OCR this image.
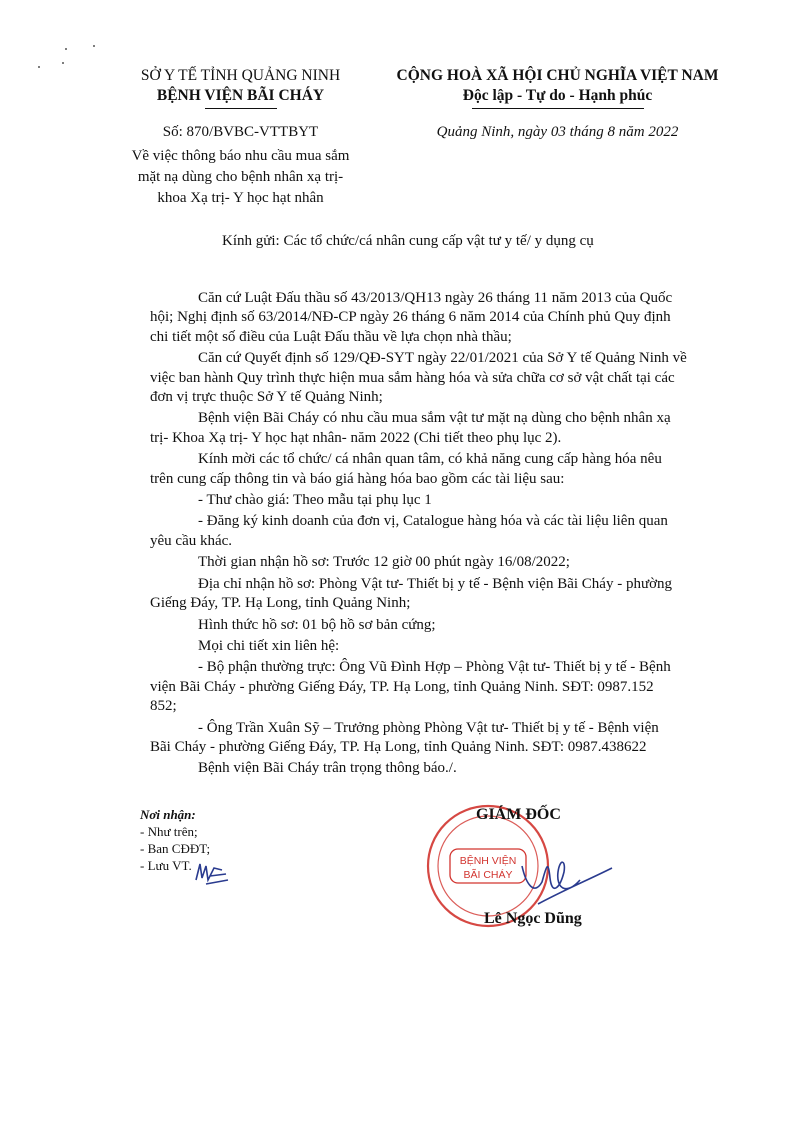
SỞ Y TẾ TỈNH QUẢNG NINH
BỆNH VIỆN BÃI CHÁY
Số: 870/BVBC-VTTBYT
Về việc thông báo nhu cầu mua sắm
mặt nạ dùng cho bệnh nhân xạ trị-
khoa Xạ trị- Y học hạt nhân
CỘNG HOÀ XÃ HỘI CHỦ NGHĨA VIỆT NAM
Độc lập - Tự do - Hạnh phúc
Quảng Ninh, ngày 03 tháng 8 năm 2022
Kính gửi: Các tổ chức/cá nhân cung cấp vật tư y tế/ y dụng cụ

Căn cứ Luật Đấu thầu số 43/2013/QH13 ngày 26 tháng 11 năm 2013 của Quốc
hội; Nghị định số 63/2014/NĐ-CP ngày 26 tháng 6 năm 2014 của Chính phủ Quy định
chi tiết một số điều của Luật Đấu thầu về lựa chọn nhà thầu;

Căn cứ Quyết định số 129/QĐ-SYT ngày 22/01/2021 của Sở Y tế Quảng Ninh về
việc ban hành Quy trình thực hiện mua sắm hàng hóa và sửa chữa cơ sở vật chất tại các
đơn vị trực thuộc Sở Y tế Quảng Ninh;

Bệnh viện Bãi Cháy có nhu cầu mua sắm vật tư mặt nạ dùng cho bệnh nhân xạ
trị- Khoa Xạ trị- Y học hạt nhân- năm 2022 (Chi tiết theo phụ lục 2).

Kính mời các tổ chức/ cá nhân quan tâm, có khả năng cung cấp hàng hóa nêu
trên cung cấp thông tin và báo giá hàng hóa bao gồm các tài liệu sau:

- Thư chào giá: Theo mẫu tại phụ lục 1

- Đăng ký kinh doanh của đơn vị, Catalogue hàng hóa và các tài liệu liên quan
yêu cầu khác.

Thời gian nhận hồ sơ: Trước 12 giờ 00 phút ngày 16/08/2022;

Địa chỉ nhận hồ sơ: Phòng Vật tư- Thiết bị y tế - Bệnh viện Bãi Cháy - phường
Giếng Đáy, TP. Hạ Long, tỉnh Quảng Ninh;

Hình thức hồ sơ: 01 bộ hồ sơ bản cứng;

Mọi chi tiết xin liên hệ:

- Bộ phận thường trực: Ông Vũ Đình Hợp – Phòng Vật tư- Thiết bị y tế - Bệnh
viện Bãi Cháy - phường Giếng Đáy, TP. Hạ Long, tỉnh Quảng Ninh. SĐT: 0987.152
852;

- Ông Trần Xuân Sỹ – Trưởng phòng Phòng Vật tư- Thiết bị y tế - Bệnh viện
Bãi Cháy - phường Giếng Đáy, TP. Hạ Long, tỉnh Quảng Ninh. SĐT: 0987.438622

Bệnh viện Bãi Cháy trân trọng thông báo./.

Nơi nhận:
- Như trên;
- Ban CĐĐT;
- Lưu VT.	BỆNH VIỆN
BÃI CHÁY
GIÁM ĐỐC
Lê Ngọc Dũng
